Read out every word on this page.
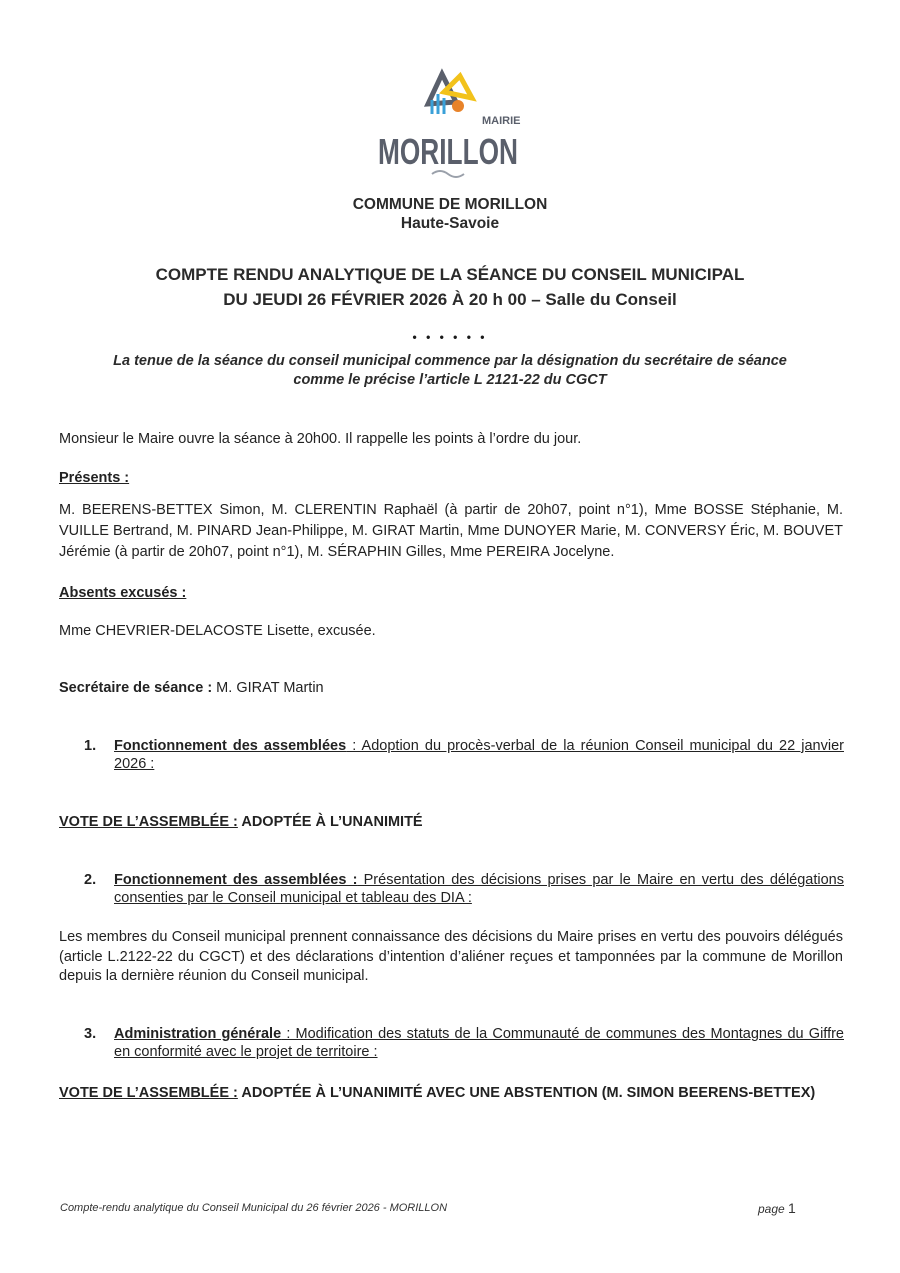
MAIRIE
MORILLON
COMMUNE DE MORILLON
Haute-Savoie
COMPTE RENDU ANALYTIQUE DE LA SÉANCE DU CONSEIL MUNICIPAL
DU JEUDI 26 FÉVRIER 2026 À 20 h 00 – Salle du Conseil
• • • • • •
La tenue de la séance du conseil municipal commence par la désignation du secrétaire de séance
comme le précise l’article L 2121-22 du CGCT
Monsieur le Maire ouvre la séance à 20h00. Il rappelle les points à l’ordre du jour.
Présents :
M. BEERENS-BETTEX Simon, M. CLERENTIN Raphaël (à partir de 20h07, point n°1), Mme BOSSE Stéphanie, M. VUILLE Bertrand, M. PINARD Jean-Philippe, M. GIRAT Martin, Mme DUNOYER Marie, M. CONVERSY Éric, M. BOUVET Jérémie (à partir de 20h07, point n°1), M. SÉRAPHIN Gilles, Mme PEREIRA Jocelyne.
Absents excusés :
Mme CHEVRIER-DELACOSTE Lisette, excusée.
Secrétaire de séance : M. GIRAT Martin
1. Fonctionnement des assemblées : Adoption du procès-verbal de la réunion Conseil municipal du 22 janvier 2026 :
VOTE DE L’ASSEMBLÉE : ADOPTÉE À L’UNANIMITÉ
2. Fonctionnement des assemblées : Présentation des décisions prises par le Maire en vertu des délégations consenties par le Conseil municipal et tableau des DIA :
Les membres du Conseil municipal prennent connaissance des décisions du Maire prises en vertu des pouvoirs délégués (article L.2122-22 du CGCT) et des déclarations d’intention d’aliéner reçues et tamponnées par la commune de Morillon depuis la dernière réunion du Conseil municipal.
3. Administration générale : Modification des statuts de la Communauté de communes des Montagnes du Giffre en conformité avec le projet de territoire :
VOTE DE L’ASSEMBLÉE : ADOPTÉE À L’UNANIMITÉ AVEC UNE ABSTENTION (M. SIMON BEERENS-BETTEX)
Compte-rendu analytique du Conseil Municipal du 26 février 2026 - MORILLON	page 1
